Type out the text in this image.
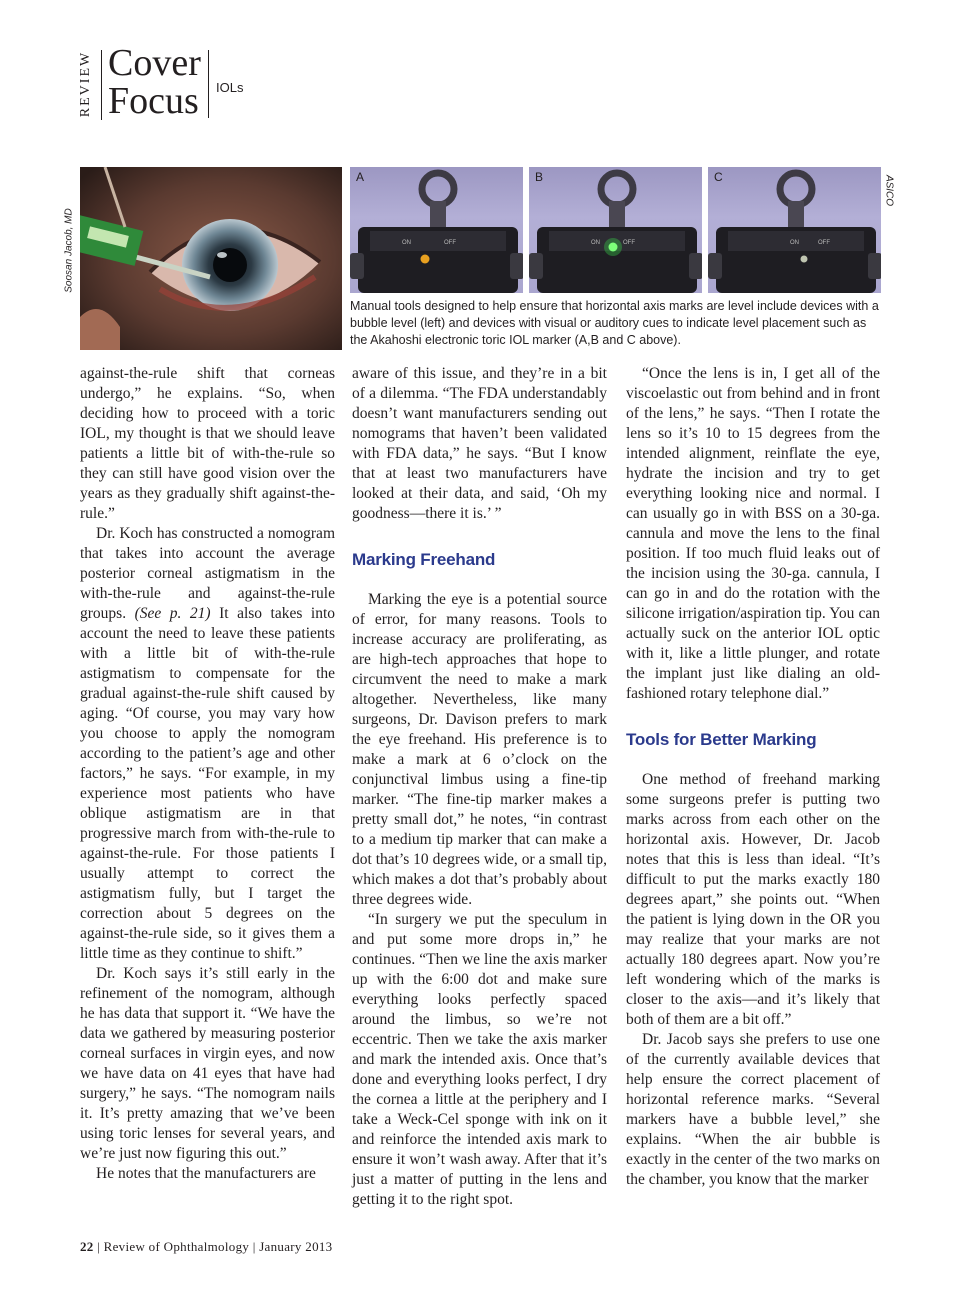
REVIEW Cover
Focus IOLs
Soosan Jacob, MD
A
ON	OFF
B
ON	OFF
C
ON	OFF
ASICO
Manual tools designed to help ensure that horizontal axis marks are level include devices with a bubble level (left) and devices with visual or auditory cues to indicate level placement such as the Akahoshi electronic toric IOL marker (A,B and C above).

against-the-rule shift that corneas undergo,” he explains. “So, when deciding how to proceed with a toric IOL, my thought is that we should leave patients a little bit of with-the-rule so they can still have good vision over the years as they gradually shift against-the-rule.”

Dr. Koch has constructed a nomogram that takes into account the average posterior corneal astigmatism in the with-the-rule and against-the-rule groups. (See p. 21) It also takes into account the need to leave these patients with a little bit of with-the-rule astigmatism to compensate for the gradual against-the-rule shift caused by aging. “Of course, you may vary how you choose to apply the nomogram according to the patient’s age and other factors,” he says. “For example, in my experience most patients who have oblique astigmatism are in that progressive march from with-the-rule to against-the-rule. For those patients I usually attempt to correct the astigmatism fully, but I target the correction about 5 degrees on the against-the-rule side, so it gives them a little time as they continue to shift.”

Dr. Koch says it’s still early in the refinement of the nomogram, although he has data that support it. “We have the data we gathered by measuring posterior corneal surfaces in virgin eyes, and now we have data on 41 eyes that have had surgery,” he says. “The nomogram nails it. It’s pretty amazing that we’ve been using toric lenses for several years, and we’re just now figuring this out.”

He notes that the manufacturers are

aware of this issue, and they’re in a bit of a dilemma. “The FDA understandably doesn’t want manufacturers sending out nomograms that haven’t been validated with FDA data,” he says. “But I know that at least two manufacturers have looked at their data, and said, ‘Oh my goodness—there it is.’ ”

Marking Freehand

Marking the eye is a potential source of error, for many reasons. Tools to increase accuracy are proliferating, as are high-tech approaches that hope to circumvent the need to make a mark altogether. Nevertheless, like many surgeons, Dr. Davison prefers to mark the eye freehand. His preference is to make a mark at 6 o’clock on the conjunctival limbus using a fine-tip marker. “The fine-tip marker makes a pretty small dot,” he notes, “in contrast to a medium tip marker that can make a dot that’s 10 degrees wide, or a small tip, which makes a dot that’s probably about three degrees wide.

“In surgery we put the speculum in and put some more drops in,” he continues. “Then we line the axis marker up with the 6:00 dot and make sure everything looks perfectly spaced around the limbus, so we’re not eccentric. Then we take the axis marker and mark the intended axis. Once that’s done and everything looks perfect, I dry the cornea a little at the periphery and I take a Weck-Cel sponge with ink on it and reinforce the intended axis mark to ensure it won’t wash away. After that it’s just a matter of putting in the lens and getting it to the right spot.

“Once the lens is in, I get all of the viscoelastic out from behind and in front of the lens,” he says. “Then I rotate the lens so it’s 10 to 15 degrees from the intended alignment, reinflate the eye, hydrate the incision and try to get everything looking nice and normal. I can usually go in with BSS on a 30-ga. cannula and move the lens to the final position. If too much fluid leaks out of the incision using the 30-ga. cannula, I can go in and do the rotation with the silicone irrigation/aspiration tip. You can actually suck on the anterior IOL optic with it, like a little plunger, and rotate the implant just like dialing an old-fashioned rotary telephone dial.”

Tools for Better Marking

One method of freehand marking some surgeons prefer is putting two marks across from each other on the horizontal axis. However, Dr. Jacob notes that this is less than ideal. “It’s difficult to put the marks exactly 180 degrees apart,” she points out. “When the patient is lying down in the OR you may realize that your marks are not actually 180 degrees apart. Now you’re left wondering which of the marks is closer to the axis—and it’s likely that both of them are a bit off.”

Dr. Jacob says she prefers to use one of the currently available devices that help ensure the correct placement of horizontal reference marks. “Several markers have a bubble level,” she explains. “When the air bubble is exactly in the center of the two marks on the chamber, you know that the marker

22 | Review of Ophthalmology | January 2013
